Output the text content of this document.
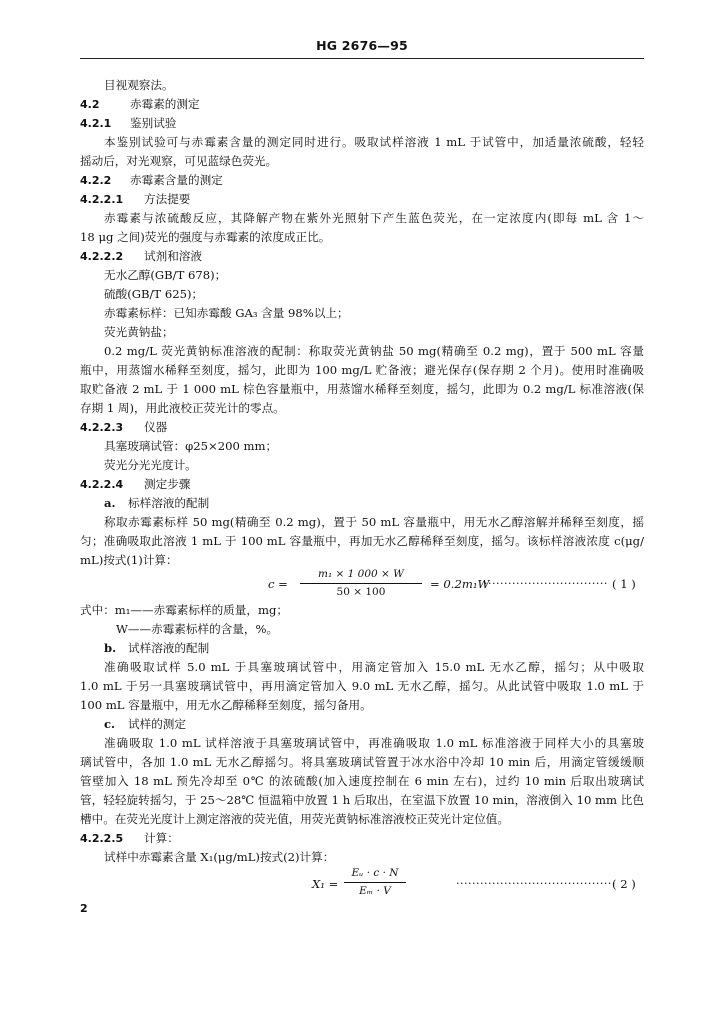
HG 2676—95
目视观察法。
4.2	赤霉素的测定
4.2.1 鉴别试验
本鉴别试验可与赤霉素含量的测定同时进行。吸取试样溶液 1 mL 于试管中，加适量浓硫酸，轻轻
摇动后，对光观察，可见蓝绿色荧光。
4.2.2 赤霉素含量的测定
4.2.2.1 方法提要
赤霉素与浓硫酸反应，其降解产物在紫外光照射下产生蓝色荧光，在一定浓度内(即每 mL 含 1～
18 μg 之间)荧光的强度与赤霉素的浓度成正比。
4.2.2.2 试剂和溶液
无水乙醇(GB/T 678)；
硫酸(GB/T 625)；
赤霉素标样：已知赤霉酸 GA₃ 含量 98%以上；
荧光黄钠盐；
0.2 mg/L 荧光黄钠标准溶液的配制：称取荧光黄钠盐 50 mg(精确至 0.2 mg)，置于 500 mL 容量
瓶中，用蒸馏水稀释至刻度，摇匀，此即为 100 mg/L 贮备液；避光保存(保存期 2 个月)。使用时准确吸
取贮备液 2 mL 于 1 000 mL 棕色容量瓶中，用蒸馏水稀释至刻度，摇匀，此即为 0.2 mg/L 标准溶液(保
存期 1 周)，用此液校正荧光计的零点。
4.2.2.3 仪器
具塞玻璃试管：φ25×200 mm；
荧光分光光度计。
4.2.2.4 测定步骤
a. 标样溶液的配制
称取赤霉素标样 50 mg(精确至 0.2 mg)，置于 50 mL 容量瓶中，用无水乙醇溶解并稀释至刻度，摇
匀；准确吸取此溶液 1 mL 于 100 mL 容量瓶中，再加无水乙醇稀释至刻度，摇匀。该标样溶液浓度 c(μg/
mL)按式(1)计算：
c =
m₁ × 1 000 × W
50 × 100
= 0.2m₁W
······························· ( 1 )
式中：m₁——赤霉素标样的质量，mg；
W——赤霉素标样的含量，%。
b. 试样溶液的配制
准确吸取试样 5.0 mL 于具塞玻璃试管中，用滴定管加入 15.0 mL 无水乙醇，摇匀；从中吸取
1.0 mL 于另一具塞玻璃试管中，再用滴定管加入 9.0 mL 无水乙醇，摇匀。从此试管中吸取 1.0 mL 于
100 mL 容量瓶中，用无水乙醇稀释至刻度，摇匀备用。
c. 试样的测定
准确吸取 1.0 mL 试样溶液于具塞玻璃试管中，再准确吸取 1.0 mL 标准溶液于同样大小的具塞玻
璃试管中，各加 1.0 mL 无水乙醇摇匀。将具塞玻璃试管置于冰水浴中冷却 10 min 后，用滴定管缓缓顺
管壁加入 18 mL 预先冷却至 0℃ 的浓硫酸(加入速度控制在 6 min 左右)，过约 10 min 后取出玻璃试
管，轻轻旋转摇匀，于 25～28℃ 恒温箱中放置 1 h 后取出，在室温下放置 10 min，溶液倒入 10 mm 比色
槽中。在荧光光度计上测定溶液的荧光值，用荧光黄钠标准溶液校正荧光计定位值。
4.2.2.5 计算：
试样中赤霉素含量 X₁(μg/mL)按式(2)计算：
X₁ =
Eᵤ · c · N
Eₘ · V
········································
( 2 )
2
